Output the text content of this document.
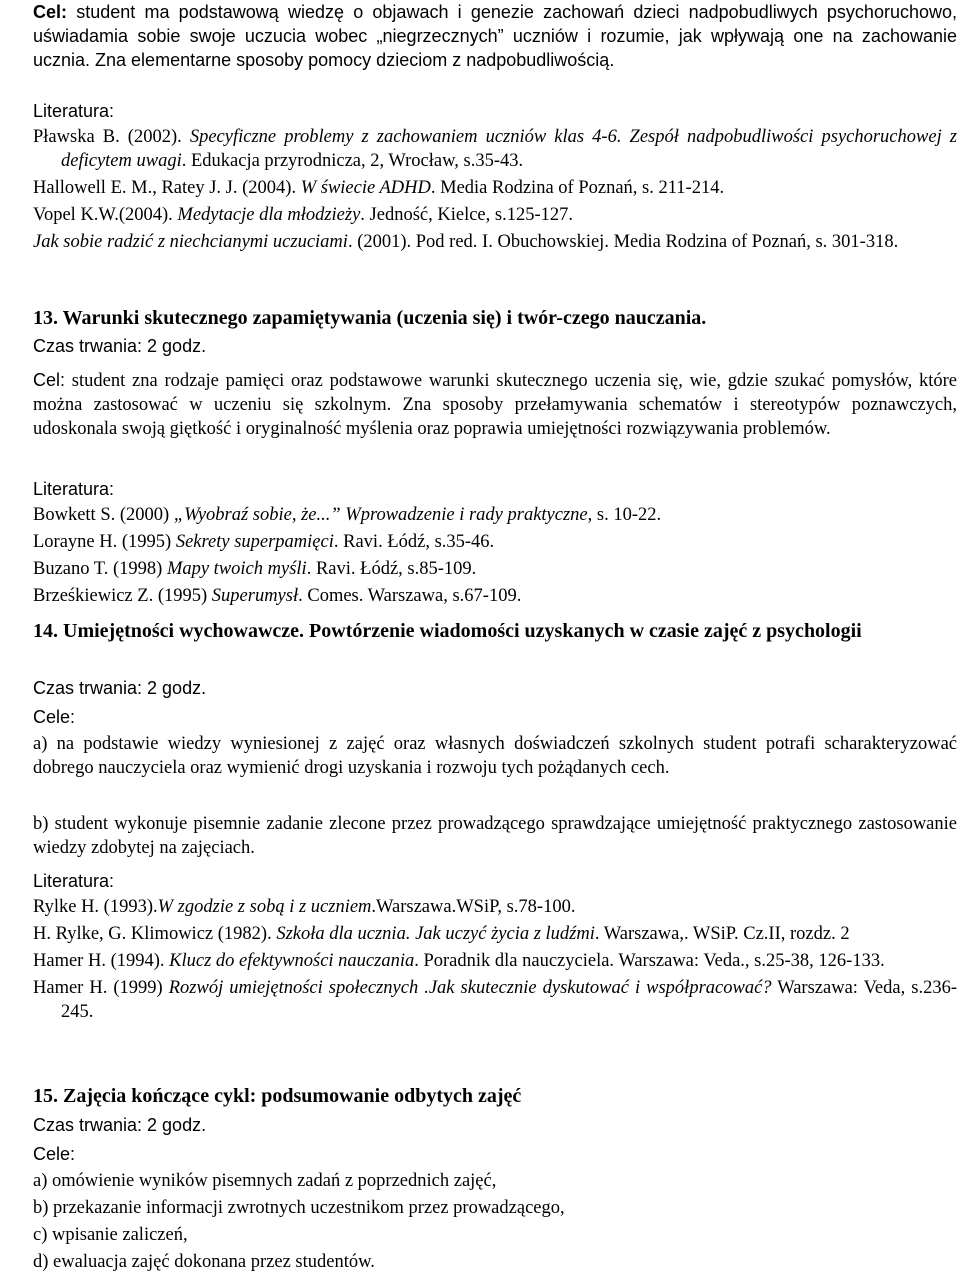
Cel: student ma podstawową wiedzę o objawach i genezie zachowań dzieci nadpobudliwych psychoruchowo, uświadamia sobie swoje uczucia wobec „niegrzecznych” uczniów i rozumie, jak wpływają one na zachowanie ucznia. Zna elementarne sposoby pomocy dzieciom z nadpobudliwością.
Literatura:
Pławska B. (2002). Specyficzne problemy z zachowaniem uczniów klas 4-6. Zespół nadpobudliwości psychoruchowej z deficytem uwagi. Edukacja przyrodnicza, 2, Wrocław, s.35-43.
Hallowell E. M., Ratey J. J. (2004). W świecie ADHD. Media Rodzina of Poznań, s. 211-214.
Vopel K.W.(2004). Medytacje dla młodzieży. Jedność, Kielce, s.125-127.
Jak sobie radzić z niechcianymi uczuciami. (2001). Pod red. I. Obuchowskiej. Media Rodzina of Poznań, s. 301-318.
13. Warunki skutecznego zapamiętywania (uczenia się) i twór-czego nauczania.
Czas trwania: 2 godz.
Cel: student zna rodzaje pamięci oraz podstawowe warunki skutecznego uczenia się, wie, gdzie szukać pomysłów, które można zastosować w uczeniu się szkolnym. Zna sposoby przełamywania schematów i stereotypów poznawczych, udoskonala swoją giętkość i oryginalność myślenia oraz poprawia umiejętności rozwiązywania problemów.
Literatura:
Bowkett S. (2000) „Wyobraź sobie, że...” Wprowadzenie i rady praktyczne, s. 10-22.
Lorayne H. (1995) Sekrety superpamięci. Ravi. Łódź, s.35-46.
Buzano T. (1998) Mapy twoich myśli. Ravi. Łódź, s.85-109.
Brześkiewicz Z. (1995) Superumysł. Comes. Warszawa, s.67-109.
14. Umiejętności wychowawcze. Powtórzenie wiadomości uzyskanych w czasie zajęć z psychologii
Czas trwania: 2 godz.
Cele:
a) na podstawie wiedzy wyniesionej z zajęć oraz własnych doświadczeń szkolnych student potrafi scharakteryzować dobrego nauczyciela oraz wymienić drogi uzyskania i rozwoju tych pożądanych cech.
b) student wykonuje pisemnie zadanie zlecone przez prowadzącego sprawdzające umiejętność praktycznego zastosowanie wiedzy zdobytej na zajęciach.
Literatura:
Rylke H. (1993).W zgodzie z sobą i z uczniem.Warszawa.WSiP, s.78-100.
H. Rylke, G. Klimowicz (1982). Szkoła dla ucznia. Jak uczyć życia z ludźmi. Warszawa,. WSiP. Cz.II, rozdz. 2
Hamer H. (1994). Klucz do efektywności nauczania. Poradnik dla nauczyciela. Warszawa: Veda., s.25-38, 126-133.
Hamer H. (1999) Rozwój umiejętności społecznych .Jak skutecznie dyskutować i współpracować? Warszawa: Veda, s.236-245.
15. Zajęcia kończące cykl: podsumowanie odbytych zajęć
Czas trwania: 2 godz.
Cele:
a) omówienie wyników pisemnych zadań z poprzednich zajęć,
b) przekazanie informacji zwrotnych uczestnikom przez prowadzącego,
c) wpisanie zaliczeń,
d) ewaluacja zajęć dokonana przez studentów.
